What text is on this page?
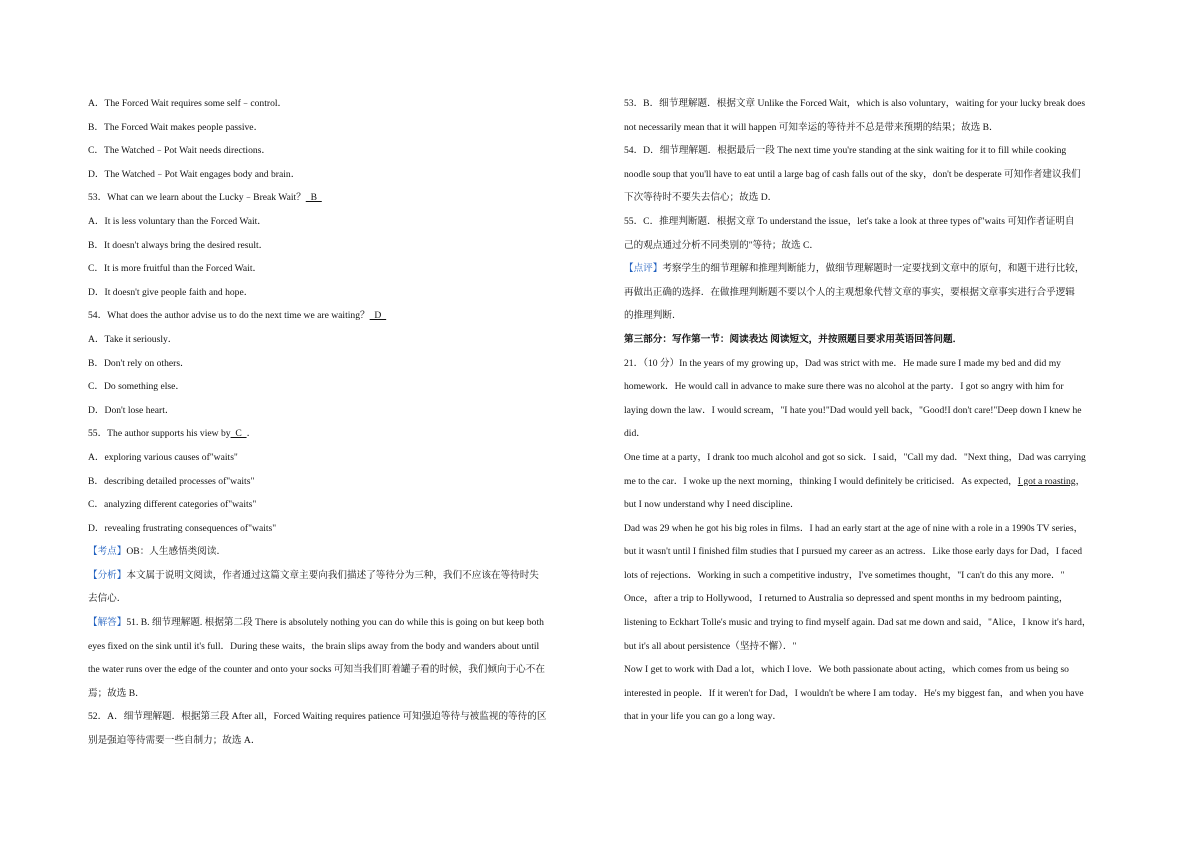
A．The Forced Wait requires some self﹣control．
B．The Forced Wait makes people passive．
C．The Watched﹣Pot Wait needs directions．
D．The Watched﹣Pot Wait engages body and brain．
53．What can we learn about the Lucky﹣Break Wait？  B
A．It is less voluntary than the Forced Wait．
B．It doesn't always bring the desired result．
C．It is more fruitful than the Forced Wait．
D．It doesn't give people faith and hope．
54．What does the author advise us to do the next time we are waiting？  D
A．Take it seriously．
B．Don't rely on others．
C．Do something else．
D．Don't lose heart．
55．The author supports his view by  C  ．
A．exploring various causes of"waits"
B．describing detailed processes of"waits"
C．analyzing different categories of"waits"
D．revealing frustrating consequences of"waits"
【考点】OB：人生感悟类阅读．
【分析】本文属于说明文阅读，作者通过这篇文章主要向我们描述了等待分为三种，我们不应该在等待时失
去信心．
【解答】51. B. 细节理解题. 根据第二段 There is absolutely nothing you can do while this is going on but keep both
eyes fixed on the sink until it's full．During these waits，the brain slips away from the body and wanders about until
the water runs over the edge of the counter and onto your socks 可知当我们盯着罐子看的时候，我们倾向于心不在
焉；故选 B．
52．A．细节理解题．根据第三段 After all，Forced Waiting requires patience 可知强迫等待与被监视的等待的区
别是强迫等待需要一些自制力；故选 A．
53．B．细节理解题．根据文章 Unlike the Forced Wait，which is also voluntary，waiting for your lucky break does
not necessarily mean that it will happen 可知幸运的等待并不总是带来预期的结果；故选 B．
54．D．细节理解题．根据最后一段 The next time you're standing at the sink waiting for it to fill while cooking
noodle soup that you'll have to eat until a large bag of cash falls out of the sky，don't be desperate 可知作者建议我们
下次等待时不要失去信心；故选 D．
55．C．推理判断题．根据文章 To understand the issue，let's take a look at three types of"waits 可知作者证明自
己的观点通过分析不同类别的"等待；故选 C．
【点评】考察学生的细节理解和推理判断能力，做细节理解题时一定要找到文章中的原句，和题干进行比较，
再做出正确的选择．在做推理判断题不要以个人的主观想象代替文章的事实，要根据文章事实进行合乎逻辑
的推理判断．
第三部分：写作第一节：阅读表达 阅读短文，并按照题目要求用英语回答问题．
21．（10 分）In the years of my growing up，Dad was strict with me．He made sure I made my bed and did my
homework．He would call in advance to make sure there was no alcohol at the party．I got so angry with him for
laying down the law．I would scream，"I hate you!"Dad would yell back，"Good!I don't care!"Deep down I knew he
did．
One time at a party，I drank too much alcohol and got so sick．I said，"Call my dad．"Next thing，Dad was carrying
me to the car．I woke up the next morning，thinking I would definitely be criticised．As expected，I got a roasting，
but I now understand why I need discipline．
Dad was 29 when he got his big roles in films．I had an early start at the age of nine with a role in a 1990s TV series，
but it wasn't until I finished film studies that I pursued my career as an actress．Like those early days for Dad，I faced
lots of rejections．Working in such a competitive industry，I've sometimes thought，"I can't do this any more．"
Once，after a trip to Hollywood，I returned to Australia so depressed and spent months in my bedroom painting，
listening to Eckhart Tolle's music and trying to find myself again. Dad sat me down and said，"Alice，I know it's hard，
but it's all about persistence（坚持不懈）．"
Now I get to work with Dad a lot，which I love．We both passionate about acting，which comes from us being so
interested in people．If it weren't for Dad，I wouldn't be where I am today．He's my biggest fan，and when you have
that in your life you can go a long way．
